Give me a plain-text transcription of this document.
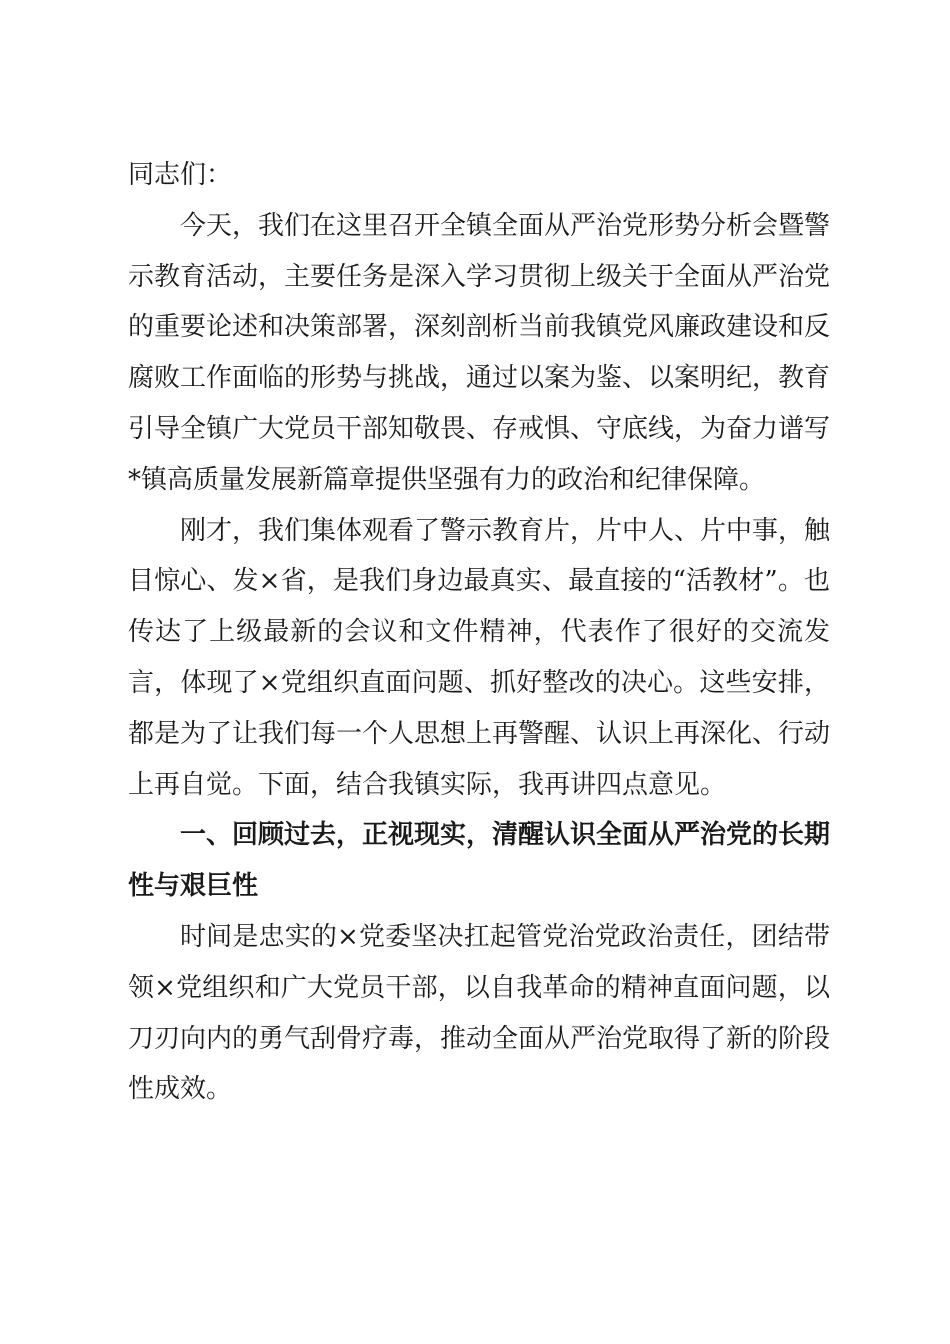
同志们：

今天，我们在这里召开全镇全面从严治党形势分析会暨警示教育活动，主要任务是深入学习贯彻上级关于全面从严治党的重要论述和决策部署，深刻剖析当前我镇党风廉政建设和反腐败工作面临的形势与挑战，通过以案为鉴、以案明纪，教育引导全镇广大党员干部知敬畏、存戒惧、守底线，为奋力谱写*镇高质量发展新篇章提供坚强有力的政治和纪律保障。

刚才，我们集体观看了警示教育片，片中人、片中事，触目惊心、发×省，是我们身边最真实、最直接的“活教材”。也传达了上级最新的会议和文件精神，代表作了很好的交流发言，体现了×党组织直面问题、抓好整改的决心。这些安排，都是为了让我们每一个人思想上再警醒、认识上再深化、行动上再自觉。下面，结合我镇实际，我再讲四点意见。

一、回顾过去，正视现实，清醒认识全面从严治党的长期性与艰巨性

时间是忠实的×党委坚决扛起管党治党政治责任，团结带领×党组织和广大党员干部，以自我革命的精神直面问题，以刀刃向内的勇气刮骨疗毒，推动全面从严治党取得了新的阶段性成效。
